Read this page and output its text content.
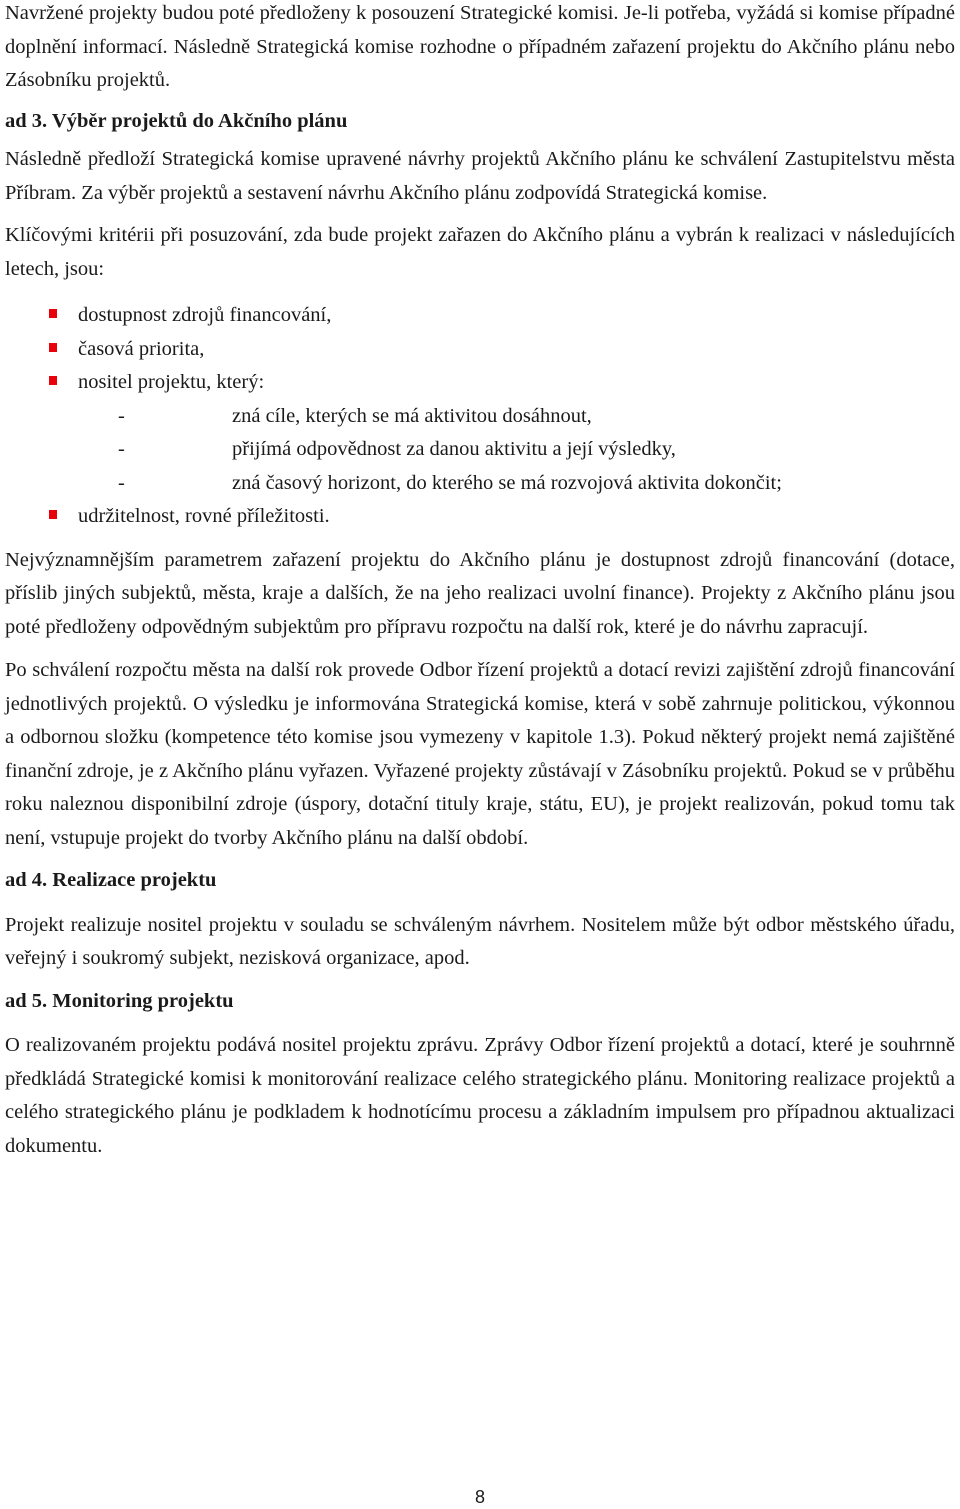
Navržené projekty budou poté předloženy k posouzení Strategické komisi. Je-li potřeba, vyžádá si komise případné doplnění informací. Následně Strategická komise rozhodne o případném zařazení projektu do Akčního plánu nebo Zásobníku projektů.

ad 3. Výběr projektů do Akčního plánu

Následně předloží Strategická komise upravené návrhy projektů Akčního plánu ke schválení Zastupitelstvu města Příbram. Za výběr projektů a sestavení návrhu Akčního plánu zodpovídá Strategická komise.

Klíčovými kritérii při posuzování, zda bude projekt zařazen do Akčního plánu a vybrán k realizaci v následujících letech, jsou:

dostupnost zdrojů financování,
časová priorita,
nositel projektu, který:
-	zná cíle, kterých se má aktivitou dosáhnout,
-	přijímá odpovědnost za danou aktivitu a její výsledky,
-	zná časový horizont, do kterého se má rozvojová aktivita dokončit;
udržitelnost, rovné příležitosti.

Nejvýznamnějším parametrem zařazení projektu do Akčního plánu je dostupnost zdrojů financování (dotace, příslib jiných subjektů, města, kraje a dalších, že na jeho realizaci uvolní finance). Projekty z Akčního plánu jsou poté předloženy odpovědným subjektům pro přípravu rozpočtu na další rok, které je do návrhu zapracují.

Po schválení rozpočtu města na další rok provede Odbor řízení projektů a dotací revizi zajištění zdrojů financování jednotlivých projektů. O výsledku je informována Strategická komise, která v sobě zahrnuje politickou, výkonnou a odbornou složku (kompetence této komise jsou vymezeny v kapitole 1.3). Pokud některý projekt nemá zajištěné finanční zdroje, je z Akčního plánu vyřazen. Vyřazené projekty zůstávají v Zásobníku projektů. Pokud se v průběhu roku naleznou disponibilní zdroje (úspory, dotační tituly kraje, státu, EU), je projekt realizován, pokud tomu tak není, vstupuje projekt do tvorby Akčního plánu na další období.

ad 4. Realizace projektu

Projekt realizuje nositel projektu v souladu se schváleným návrhem. Nositelem může být odbor městského úřadu, veřejný i soukromý subjekt, nezisková organizace, apod.

ad 5. Monitoring projektu

O realizovaném projektu podává nositel projektu zprávu. Zprávy Odbor řízení projektů a dotací, které je souhrnně předkládá Strategické komisi k monitorování realizace celého strategického plánu. Monitoring realizace projektů a celého strategického plánu je podkladem k hodnotícímu procesu a základním impulsem pro případnou aktualizaci dokumentu.

8
